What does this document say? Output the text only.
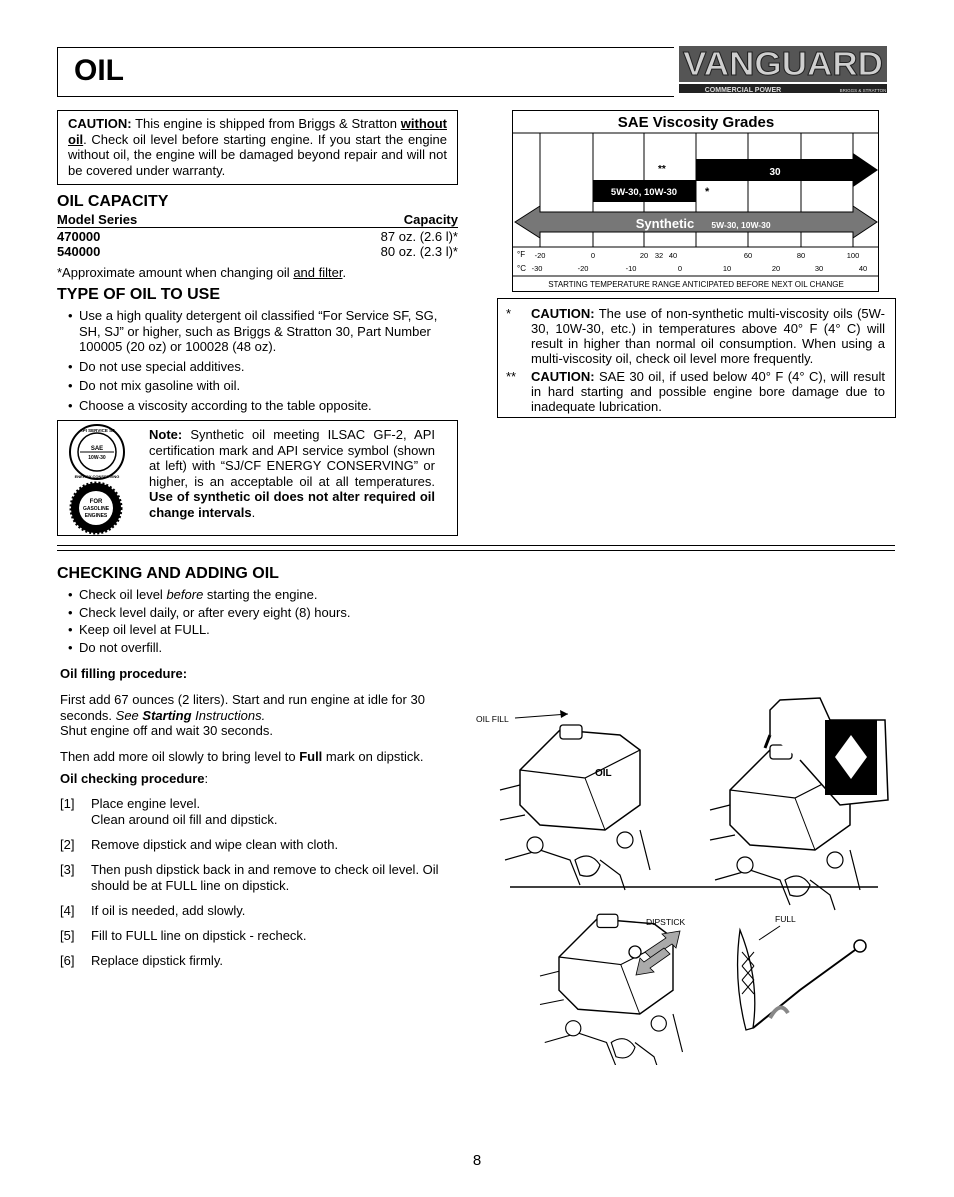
OIL	VANGUARD
COMMERCIAL POWER	BRIGGS & STRATTON
CAUTION: This engine is shipped from Briggs & Stratton without oil. Check oil level before starting engine. If you start the engine without oil, the engine will be damaged beyond repair and will not be covered under warranty.
OIL CAPACITY
Model Series	Capacity
470000	87 oz. (2.6 l)*
540000	80 oz. (2.3 l)*
*Approximate amount when changing oil and filter.
TYPE OF OIL TO USE
• Use a high quality detergent oil classified “For Service SF, SG, SH, SJ” or higher, such as Briggs & Stratton 30, Part Number 100005 (20 oz) or 100028 (48 oz).
• Do not use special additives.
• Do not mix gasoline with oil.
• Choose a viscosity according to the table opposite.
API SERVICE SJ
ENERGY CONSERVING
SAE
10W-30
FOR
GASOLINE
ENGINES
Note: Synthetic oil meeting ILSAC GF-2, API certification mark and API service symbol (shown at left) with “SJ/CF ENERGY CONSERVING” or higher, is an acceptable oil at all temperatures. Use of synthetic oil does not alter required oil change intervals.
SAE Viscosity Grades
30
**
5W-30, 10W-30	*
Synthetic 5W-30, 10W-30
°F
°C
-20	0	20 32 40	60	80	100
-30	-20	-10	0	10	20	30	40
STARTING TEMPERATURE RANGE ANTICIPATED BEFORE NEXT OIL CHANGE
* CAUTION: The use of non-synthetic multi-viscosity oils (5W-30, 10W-30, etc.) in temperatures above 40° F (4° C) will result in higher than normal oil consumption. When using a multi-viscosity oil, check oil level more frequently.
** CAUTION: SAE 30 oil, if used below 40° F (4° C), will result in hard starting and possible engine bore damage due to inadequate lubrication.
CHECKING AND ADDING OIL
• Check oil level before starting the engine.
• Check level daily, or after every eight (8) hours.
• Keep oil level at FULL.
• Do not overfill.
Oil filling procedure:
First add 67 ounces (2 liters). Start and run engine at idle for 30 seconds. See Starting Instructions.
Shut engine off and wait 30 seconds.
Then add more oil slowly to bring level to Full mark on dipstick.
Oil checking procedure:
[1] Place engine level.
Clean around oil fill and dipstick.
[2] Remove dipstick and wipe clean with cloth.
[3] Then push dipstick back in and remove to check oil level. Oil should be at FULL line on dipstick.
[4] If oil is needed, add slowly.
[5] Fill to FULL line on dipstick - recheck.
[6] Replace dipstick firmly.
OIL
OIL FILL
DIPSTICK	FULL
8
